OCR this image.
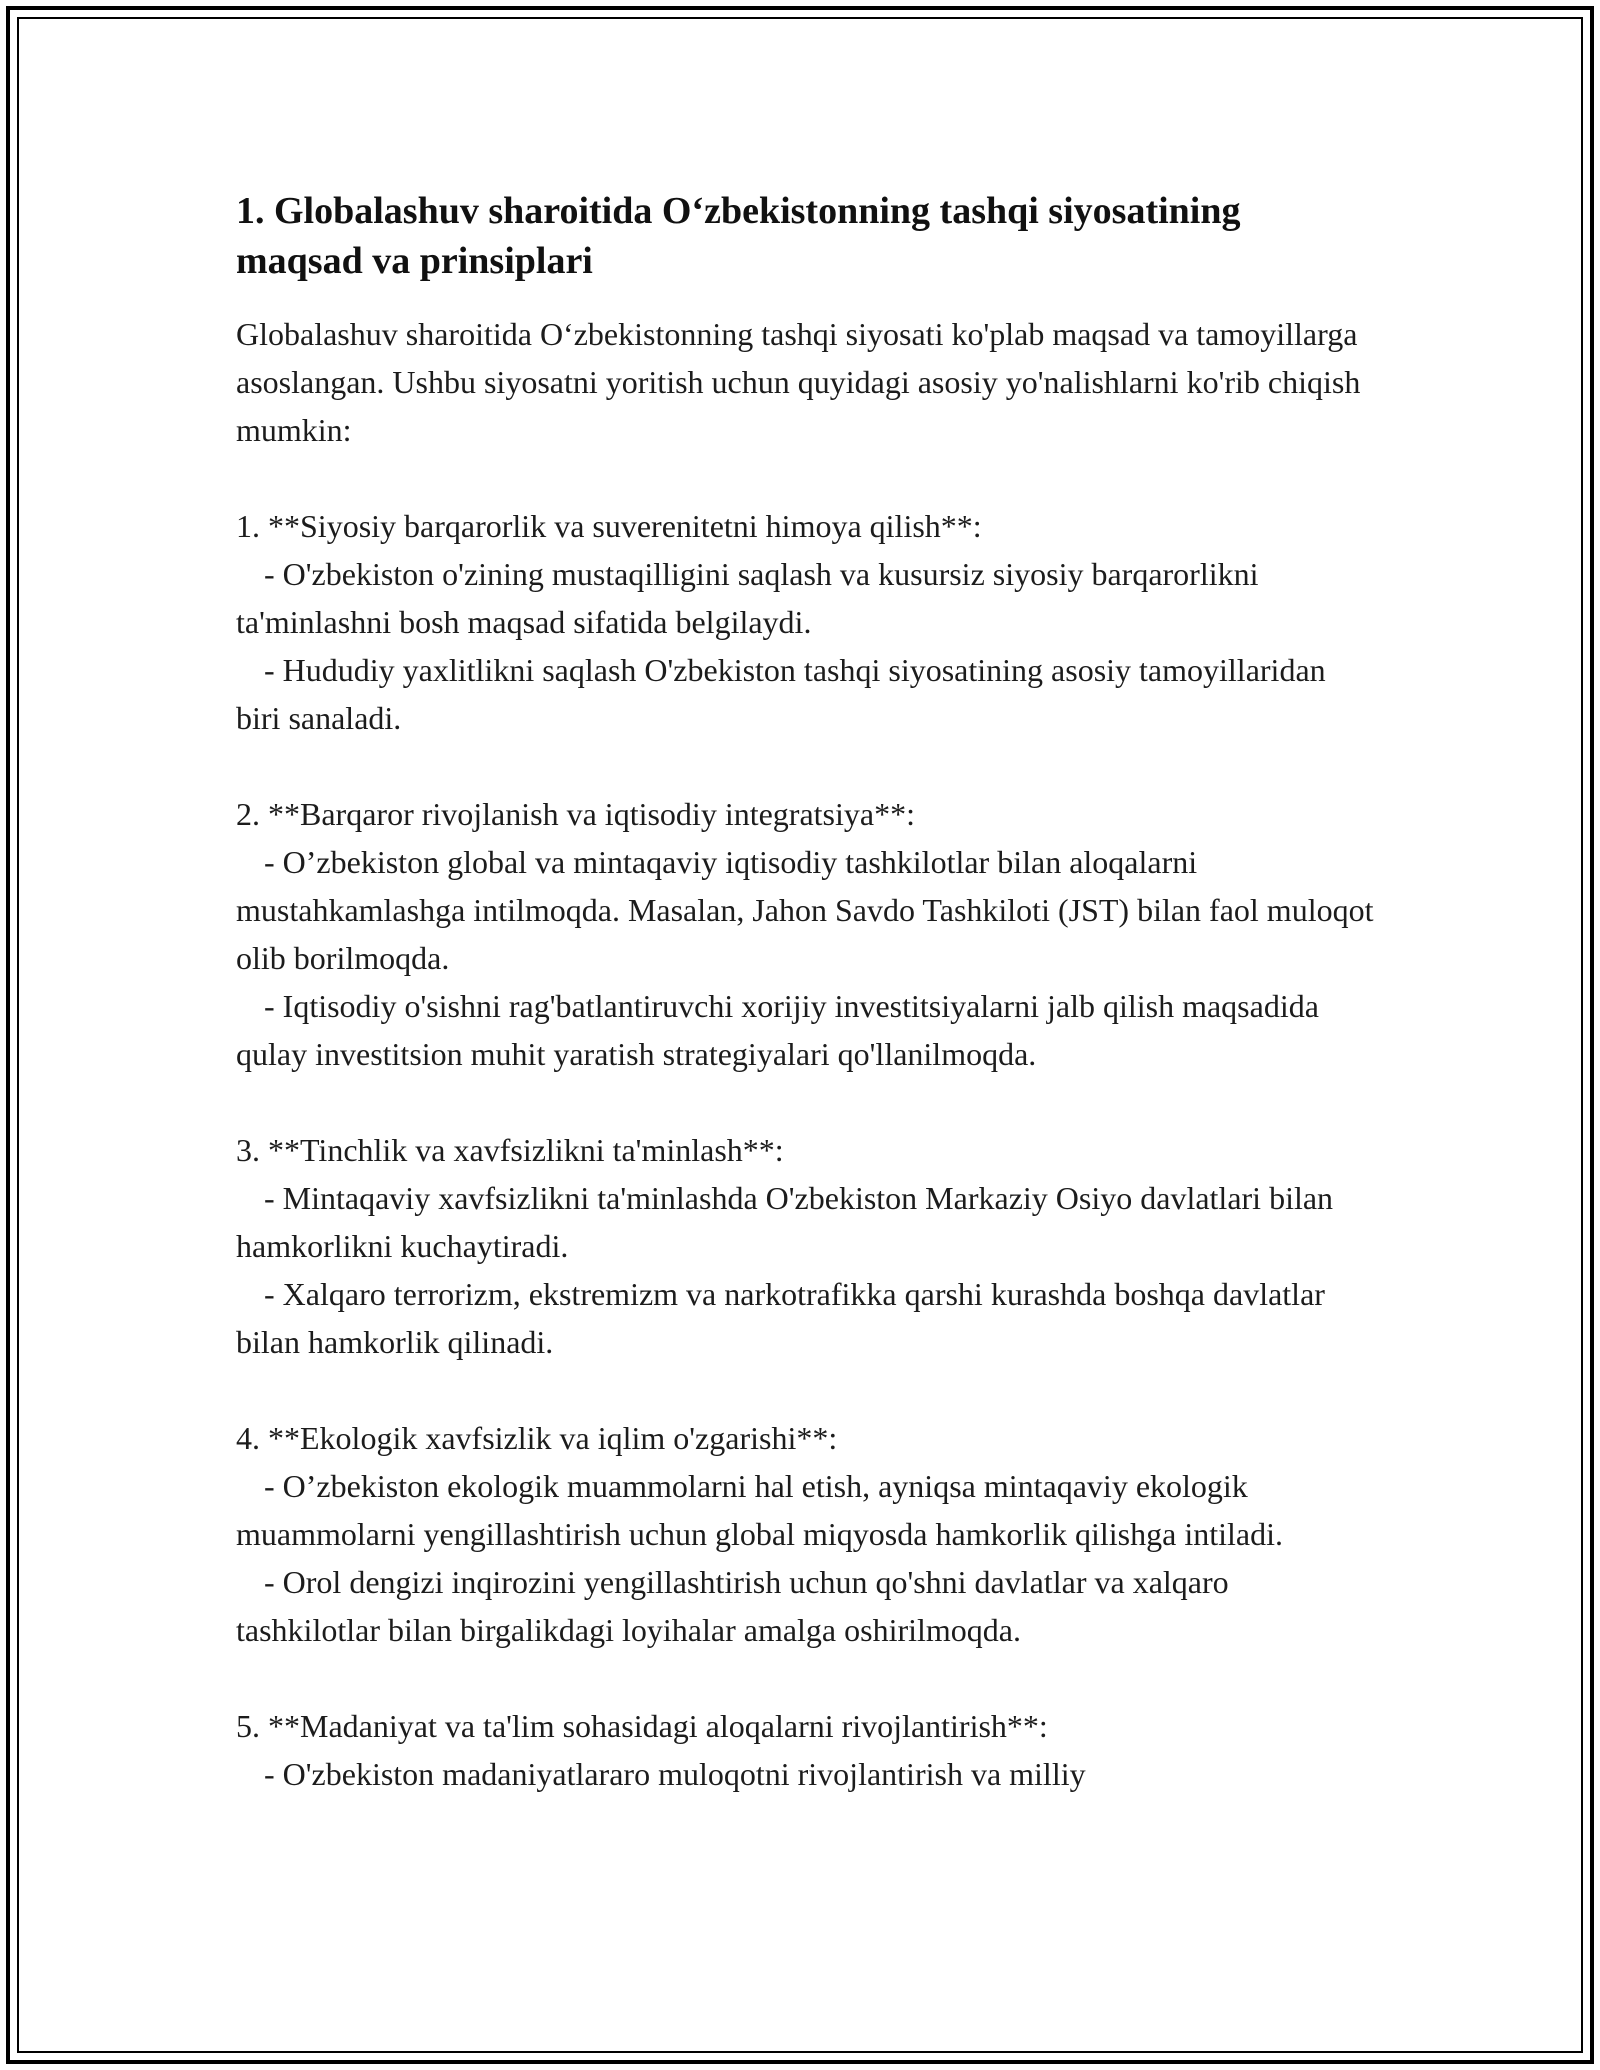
1. Globalashuv sharoitida O‘zbekistonning tashqi siyosatining maqsad va prinsiplari

Globalashuv sharoitida O‘zbekistonning tashqi siyosati ko'plab maqsad va tamoyillarga asoslangan. Ushbu siyosatni yoritish uchun quyidagi asosiy yo'nalishlarni ko'rib chiqish mumkin:

1. **Siyosiy barqarorlik va suverenitetni himoya qilish**:
- O'zbekiston o'zining mustaqilligini saqlash va kusursiz siyosiy barqarorlikni ta'minlashni bosh maqsad sifatida belgilaydi.
- Hududiy yaxlitlikni saqlash O'zbekiston tashqi siyosatining asosiy tamoyillaridan biri sanaladi.
2. **Barqaror rivojlanish va iqtisodiy integratsiya**:
- O’zbekiston global va mintaqaviy iqtisodiy tashkilotlar bilan aloqalarni mustahkamlashga intilmoqda. Masalan, Jahon Savdo Tashkiloti (JST) bilan faol muloqot olib borilmoqda.
- Iqtisodiy o'sishni rag'batlantiruvchi xorijiy investitsiyalarni jalb qilish maqsadida qulay investitsion muhit yaratish strategiyalari qo'llanilmoqda.
3. **Tinchlik va xavfsizlikni ta'minlash**:
- Mintaqaviy xavfsizlikni ta'minlashda O'zbekiston Markaziy Osiyo davlatlari bilan hamkorlikni kuchaytiradi.
- Xalqaro terrorizm, ekstremizm va narkotrafikka qarshi kurashda boshqa davlatlar bilan hamkorlik qilinadi.
4. **Ekologik xavfsizlik va iqlim o'zgarishi**:
- O’zbekiston ekologik muammolarni hal etish, ayniqsa mintaqaviy ekologik muammolarni yengillashtirish uchun global miqyosda hamkorlik qilishga intiladi.
- Orol dengizi inqirozini yengillashtirish uchun qo'shni davlatlar va xalqaro tashkilotlar bilan birgalikdagi loyihalar amalga oshirilmoqda.
5. **Madaniyat va ta'lim sohasidagi aloqalarni rivojlantirish**:
- O'zbekiston madaniyatlararo muloqotni rivojlantirish va milliy
